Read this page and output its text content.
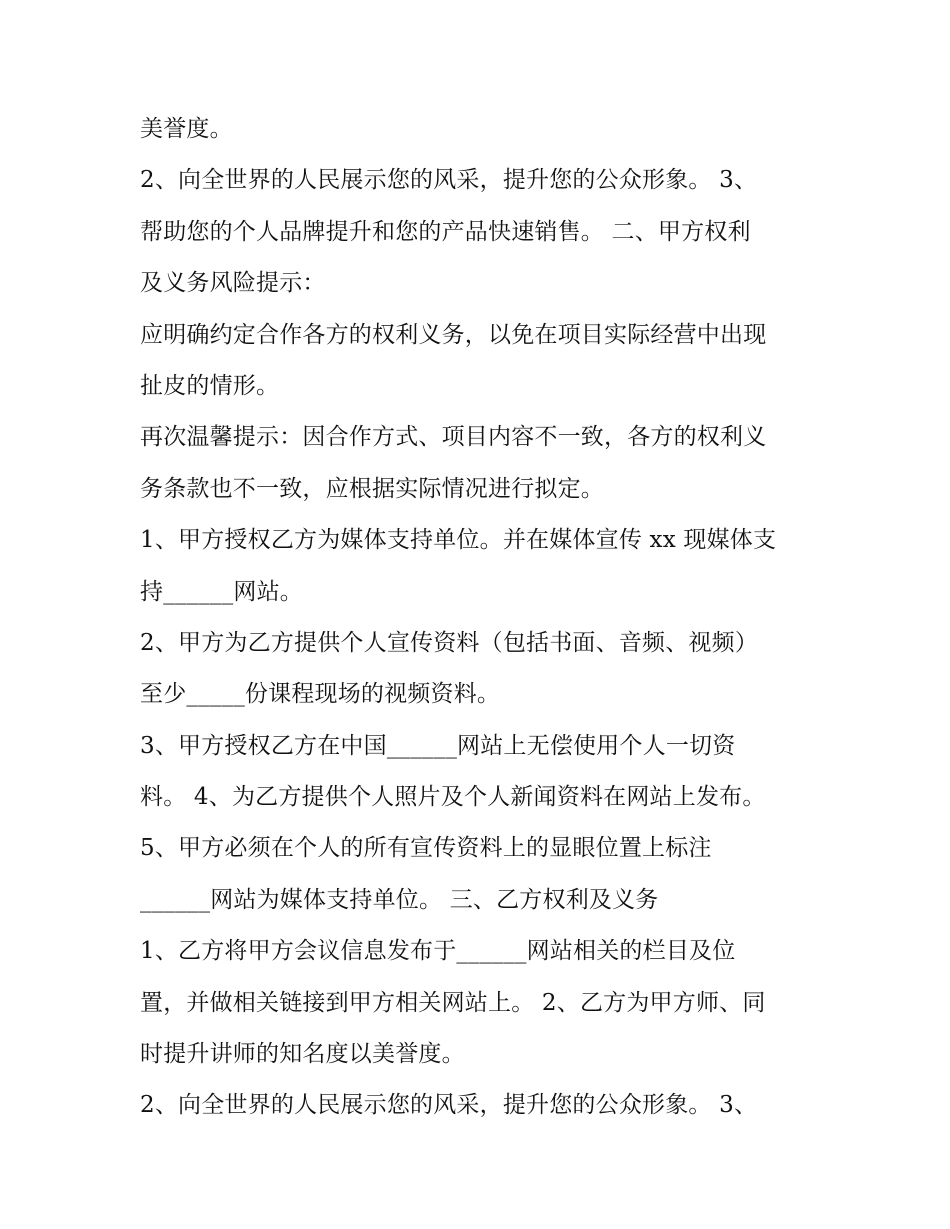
美誉度。
2、向全世界的人民展示您的风采，提升您的公众形象。 3、
帮助您的个人品牌提升和您的产品快速销售。 二、甲方权利
及义务风险提示：
应明确约定合作各方的权利义务，以免在项目实际经营中出现
扯皮的情形。
再次温馨提示：因合作方式、项目内容不一致，各方的权利义
务条款也不一致，应根据实际情况进行拟定。
1、甲方授权乙方为媒体支持单位。并在媒体宣传 xx 现媒体支
持______网站。
2、甲方为乙方提供个人宣传资料（包括书面、音频、视频）
至少_____份课程现场的视频资料。
3、甲方授权乙方在中国______网站上无偿使用个人一切资
料。 4、为乙方提供个人照片及个人新闻资料在网站上发布。
5、甲方必须在个人的所有宣传资料上的显眼位置上标注
______网站为媒体支持单位。 三、乙方权利及义务
1、乙方将甲方会议信息发布于______网站相关的栏目及位
置，并做相关链接到甲方相关网站上。 2、乙方为甲方师、同
时提升讲师的知名度以美誉度。
2、向全世界的人民展示您的风采，提升您的公众形象。 3、
